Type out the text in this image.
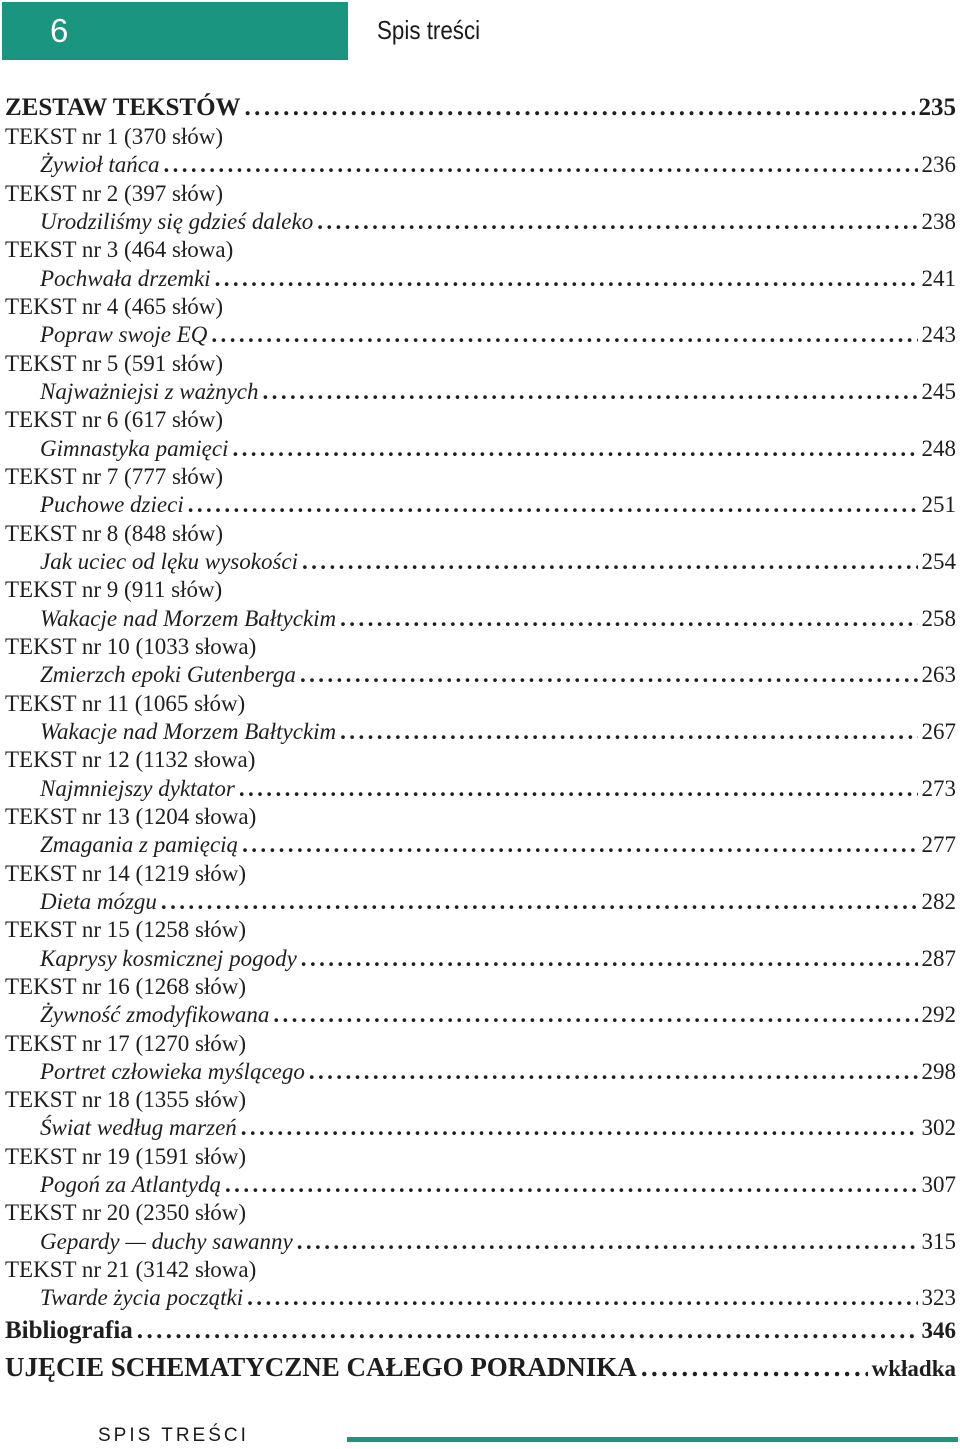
6	Spis treści
ZESTAW TEKSTÓW .....	235
TEKST nr 1 (370 słów)
Żywioł tańca .....	236
TEKST nr 2 (397 słów)
Urodziliśmy się gdzieś daleko .....	238
TEKST nr 3 (464 słowa)
Pochwała drzemki .....	241
TEKST nr 4 (465 słów)
Popraw swoje EQ .....	243
TEKST nr 5 (591 słów)
Najważniejsi z ważnych .....	245
TEKST nr 6 (617 słów)
Gimnastyka pamięci .....	248
TEKST nr 7 (777 słów)
Puchowe dzieci .....	251
TEKST nr 8 (848 słów)
Jak uciec od lęku wysokości .....	254
TEKST nr 9 (911 słów)
Wakacje nad Morzem Bałtyckim .....	258
TEKST nr 10 (1033 słowa)
Zmierzch epoki Gutenberga .....	263
TEKST nr 11 (1065 słów)
Wakacje nad Morzem Bałtyckim .....	267
TEKST nr 12 (1132 słowa)
Najmniejszy dyktator .....	273
TEKST nr 13 (1204 słowa)
Zmagania z pamięcią .....	277
TEKST nr 14 (1219 słów)
Dieta mózgu .....	282
TEKST nr 15 (1258 słów)
Kaprysy kosmicznej pogody .....	287
TEKST nr 16 (1268 słów)
Żywność zmodyfikowana .....	292
TEKST nr 17 (1270 słów)
Portret człowieka myślącego .....	298
TEKST nr 18 (1355 słów)
Świat według marzeń .....	302
TEKST nr 19 (1591 słów)
Pogoń za Atlantydą .....	307
TEKST nr 20 (2350 słów)
Gepardy — duchy sawanny .....	315
TEKST nr 21 (3142 słowa)
Twarde życia początki .....	323
Bibliografia .....	346
UJĘCIE SCHEMATYCZNE CAŁEGO PORADNIKA .....	wkładka
SPIS TREŚCI
